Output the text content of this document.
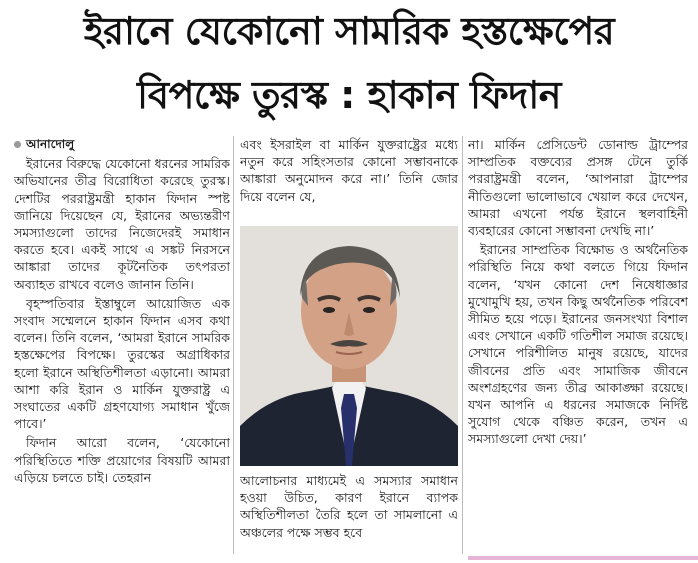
ইরানে যেকোনো সামরিক হস্তক্ষেপের
বিপক্ষে তুরস্ক : হাকান ফিদান
আনাদোলু

ইরানের বিরুদ্ধে যেকোনো ধরনের সামরিক অভিযানের তীব্র বিরোধিতা করেছে তুরস্ক। দেশটির পররাষ্ট্রমন্ত্রী হাকান ফিদান স্পষ্ট জানিয়ে দিয়েছেন যে, ইরানের অভ্যন্তরীণ সমস্যাগুলো তাদের নিজেদেরই সমাধান করতে হবে। একই সাথে এ সঙ্কট নিরসনে আঙ্কারা তাদের কূটনৈতিক তৎপরতা অব্যাহত রাখবে বলেও জানান তিনি।

বৃহস্পতিবার ইস্তাম্বুলে আয়োজিত এক সংবাদ সম্মেলনে হাকান ফিদান এসব কথা বলেন। তিনি বলেন, ‘আমরা ইরানে সামরিক হস্তক্ষেপের বিপক্ষে। তুরস্কের অগ্রাধিকার হলো ইরানে অস্থিতিশীলতা এড়ানো। আমরা আশা করি ইরান ও মার্কিন যুক্তরাষ্ট্র এ সংঘাতের একটি গ্রহণযোগ্য সমাধান খুঁজে পাবে।’

ফিদান আরো বলেন, ‘যেকোনো পরিস্থিতিতে শক্তি প্রয়োগের বিষয়টি আমরা এড়িয়ে চলতে চাই। তেহরান

এবং ইসরাইল বা মার্কিন যুক্তরাষ্ট্রের মধ্যে নতুন করে সহিংসতার কোনো সম্ভাবনাকে আঙ্কারা অনুমোদন করে না।’ তিনি জোর দিয়ে বলেন যে,

আলোচনার মাধ্যমেই এ সমস্যার সমাধান হওয়া উচিত, কারণ ইরানে ব্যাপক অস্থিতিশীলতা তৈরি হলে তা সামলানো এ অঞ্চলের পক্ষে সম্ভব হবে

না। মার্কিন প্রেসিডেন্ট ডোনাল্ড ট্রাম্পের সাম্প্রতিক বক্তব্যের প্রসঙ্গ টেনে তুর্কি পররাষ্ট্রমন্ত্রী বলেন, ‘আপনারা ট্রাম্পের নীতিগুলো ভালোভাবে খেয়াল করে দেখেন, আমরা এখনো পর্যন্ত ইরানে স্থলবাহিনী ব্যবহারের কোনো সম্ভাবনা দেখছি না।’

ইরানের সাম্প্রতিক বিক্ষোভ ও অর্থনৈতিক পরিস্থিতি নিয়ে কথা বলতে গিয়ে ফিদান বলেন, ‘যখন কোনো দেশ নিষেধাজ্ঞার মুখোমুখি হয়, তখন কিছু অর্থনৈতিক পরিবেশ সীমিত হয়ে পড়ে। ইরানের জনসংখ্যা বিশাল এবং সেখানে একটি গতিশীল সমাজ রয়েছে। সেখানে পরিশীলিত মানুষ রয়েছে, যাদের জীবনের প্রতি এবং সামাজিক জীবনে অংশগ্রহণের জন্য তীব্র আকাঙ্ক্ষা রয়েছে। যখন আপনি এ ধরনের সমাজকে নির্দিষ্ট সুযোগ থেকে বঞ্চিত করেন, তখন এ সমস্যাগুলো দেখা দেয়।’
